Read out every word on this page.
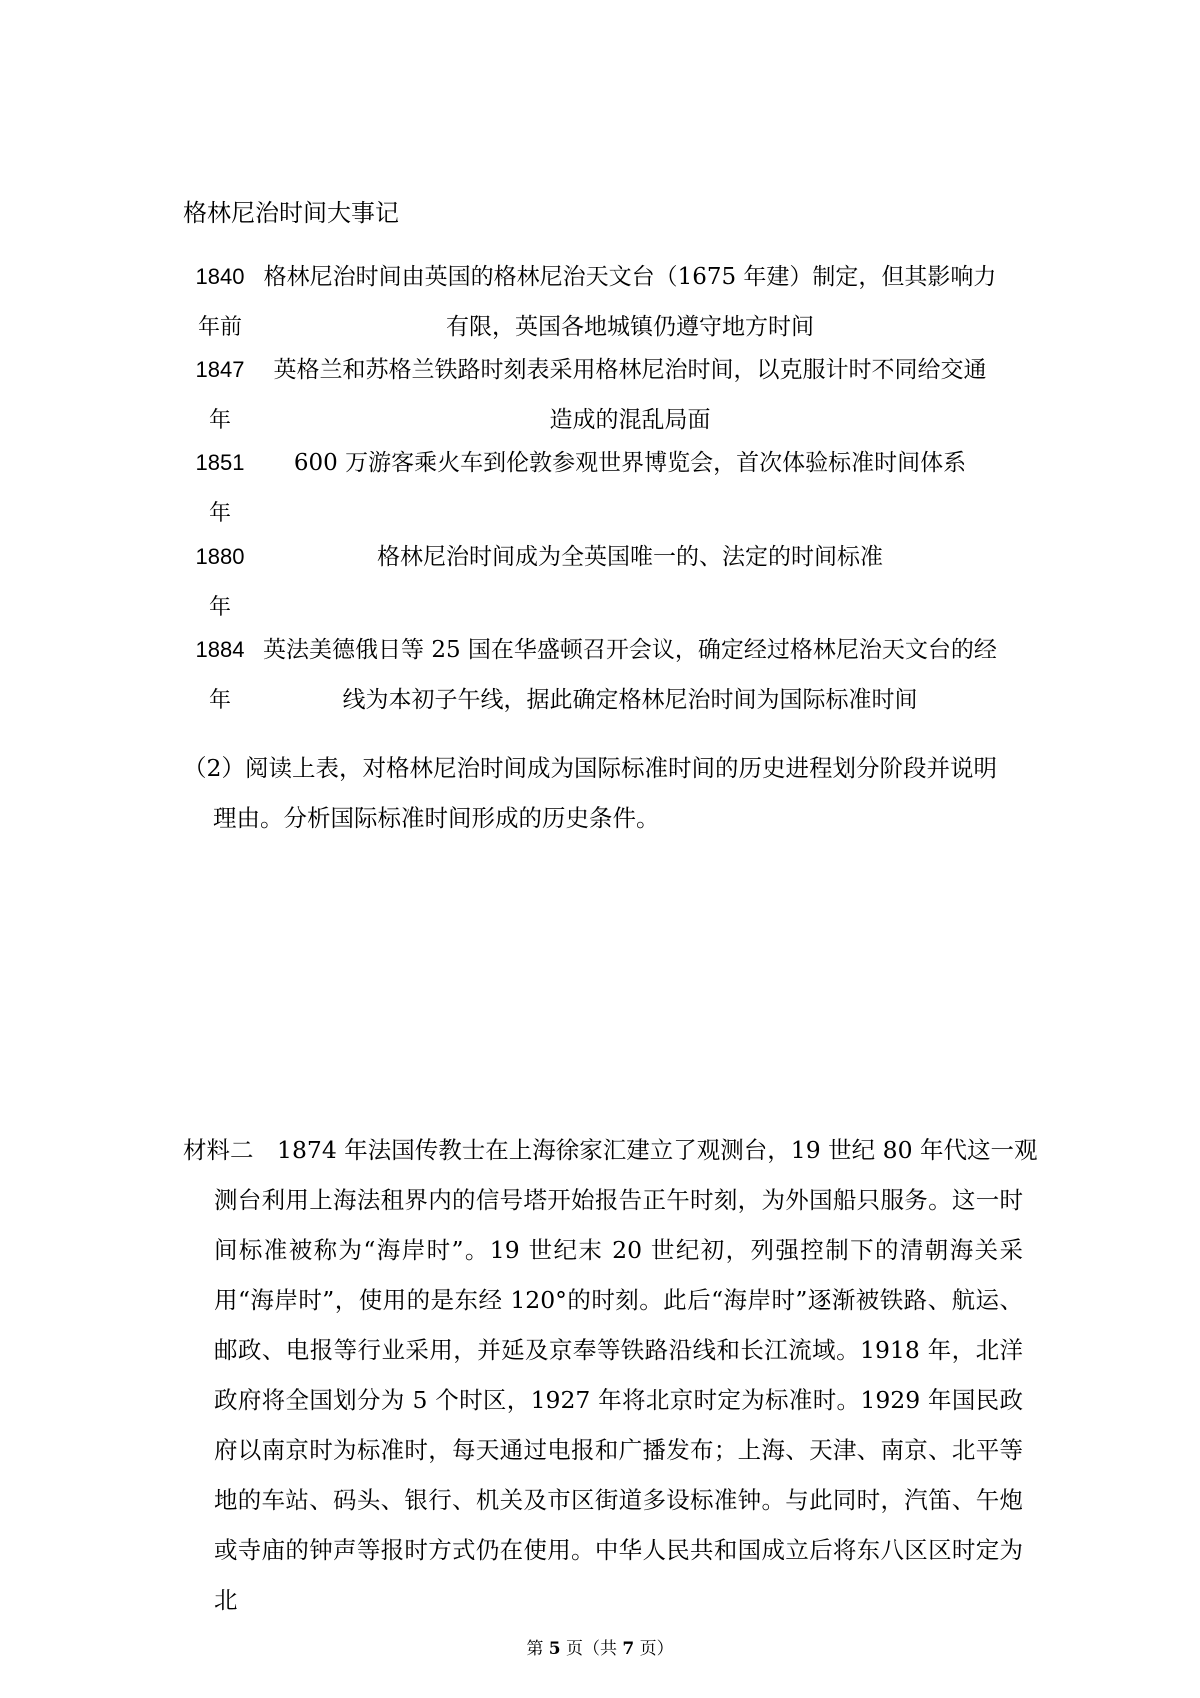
格林尼治时间大事记
1840
年前
格林尼治时间由英国的格林尼治天文台（1675 年建）制定，但其影响力
有限，英国各地城镇仍遵守地方时间
1847
年
英格兰和苏格兰铁路时刻表采用格林尼治时间，以克服计时不同给交通
造成的混乱局面
1851
年
600 万游客乘火车到伦敦参观世界博览会，首次体验标准时间体系
1880
年
格林尼治时间成为全英国唯一的、法定的时间标准
1884
年
英法美德俄日等 25 国在华盛顿召开会议，确定经过格林尼治天文台的经
线为本初子午线，据此确定格林尼治时间为国际标准时间
（2）阅读上表，对格林尼治时间成为国际标准时间的历史进程划分阶段并说明
理由。分析国际标准时间形成的历史条件。
材料二　1874 年法国传教士在上海徐家汇建立了观测台，19 世纪 80 年代这一观
测台利用上海法租界内的信号塔开始报告正午时刻，为外国船只服务。这一时间标准被称为“海岸时”。19 世纪末 20 世纪初，列强控制下的清朝海关采用“海岸时”，使用的是东经 120°的时刻。此后“海岸时”逐渐被铁路、航运、邮政、电报等行业采用，并延及京奉等铁路沿线和长江流域。1918 年，北洋政府将全国划分为 5 个时区，1927 年将北京时定为标准时。1929 年国民政府以南京时为标准时，每天通过电报和广播发布；上海、天津、南京、北平等地的车站、码头、银行、机关及市区街道多设标准钟。与此同时，汽笛、午炮或寺庙的钟声等报时方式仍在使用。中华人民共和国成立后将东八区区时定为北
第 5 页（共 7 页）
